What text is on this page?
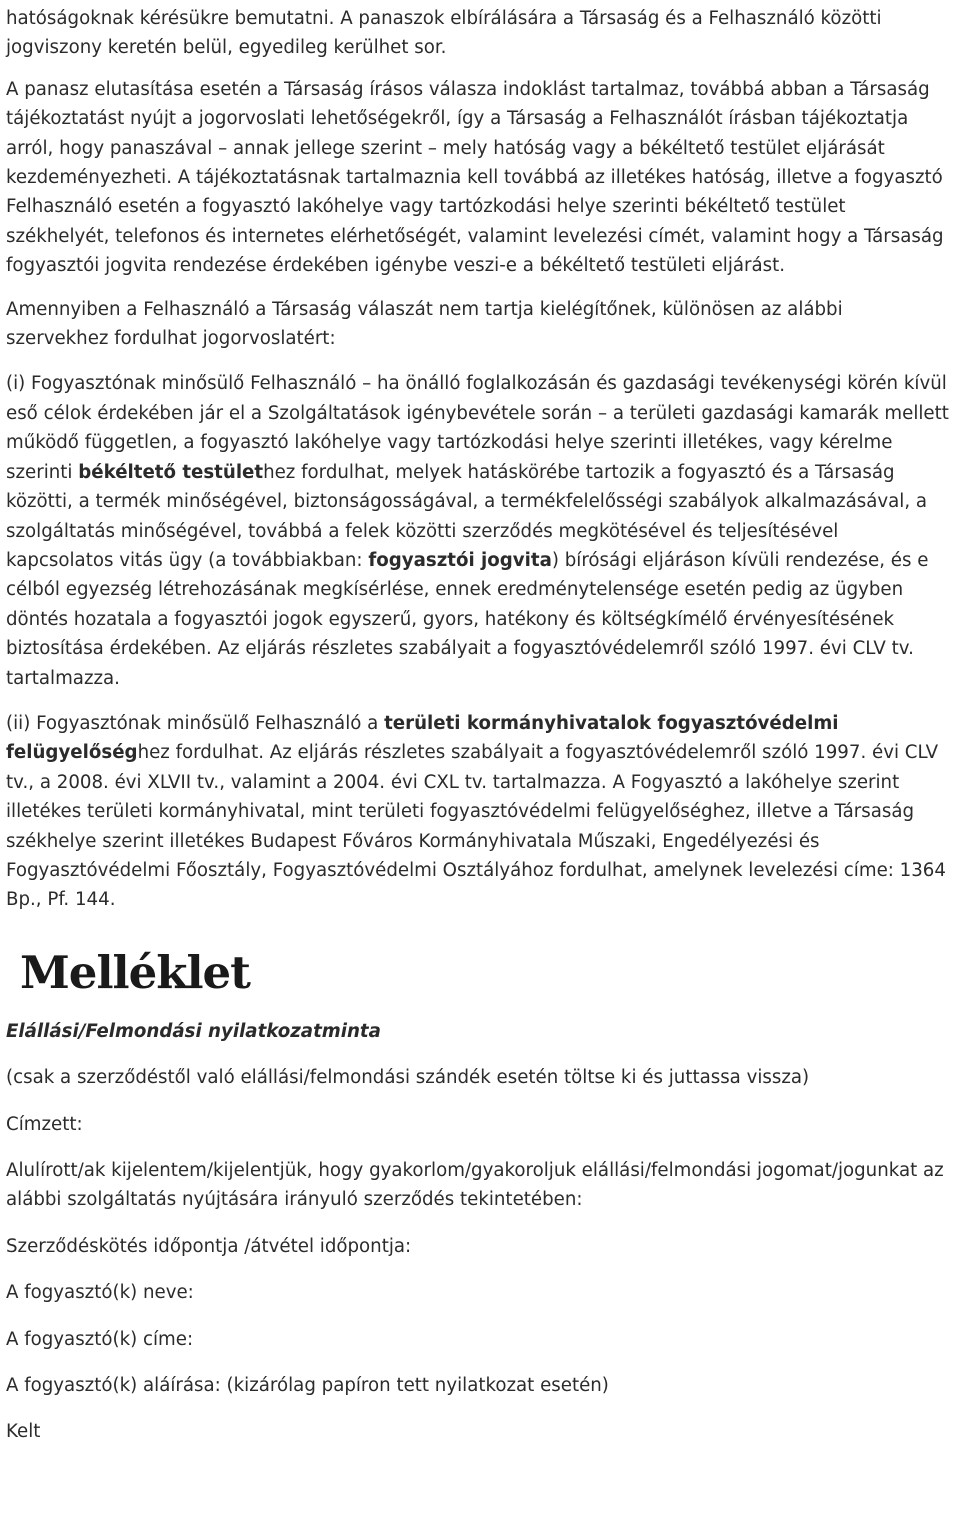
hatóságoknak kérésükre bemutatni. A panaszok elbírálására a Társaság és a Felhasználó közötti jogviszony keretén belül, egyedileg kerülhet sor.

A panasz elutasítása esetén a Társaság írásos válasza indoklást tartalmaz, továbbá abban a Társaság tájékoztatást nyújt a jogorvoslati lehetőségekről, így a Társaság a Felhasználót írásban tájékoztatja arról, hogy panaszával – annak jellege szerint – mely hatóság vagy a békéltető testület eljárását kezdeményezheti. A tájékoztatásnak tartalmaznia kell továbbá az illetékes hatóság, illetve a fogyasztó Felhasználó esetén a fogyasztó lakóhelye vagy tartózkodási helye szerinti békéltető testület székhelyét, telefonos és internetes elérhetőségét, valamint levelezési címét, valamint hogy a Társaság fogyasztói jogvita rendezése érdekében igénybe veszi-e a békéltető testületi eljárást.

Amennyiben a Felhasználó a Társaság válaszát nem tartja kielégítőnek, különösen az alábbi szervekhez fordulhat jogorvoslatért:

(i) Fogyasztónak minősülő Felhasználó – ha önálló foglalkozásán és gazdasági tevékenységi körén kívül eső célok érdekében jár el a Szolgáltatások igénybevétele során – a területi gazdasági kamarák mellett működő független, a fogyasztó lakóhelye vagy tartózkodási helye szerinti illetékes, vagy kérelme szerinti békéltető testülethez fordulhat, melyek hatáskörébe tartozik a fogyasztó és a Társaság közötti, a termék minőségével, biztonságosságával, a termékfelelősségi szabályok alkalmazásával, a szolgáltatás minőségével, továbbá a felek közötti szerződés megkötésével és teljesítésével kapcsolatos vitás ügy (a továbbiakban: fogyasztói jogvita) bírósági eljáráson kívüli rendezése, és e célból egyezség létrehozásának megkísérlése, ennek eredménytelensége esetén pedig az ügyben döntés hozatala a fogyasztói jogok egyszerű, gyors, hatékony és költségkímélő érvényesítésének biztosítása érdekében. Az eljárás részletes szabályait a fogyasztóvédelemről szóló 1997. évi CLV tv. tartalmazza.

(ii) Fogyasztónak minősülő Felhasználó a területi kormányhivatalok fogyasztóvédelmi felügyelőséghez fordulhat. Az eljárás részletes szabályait a fogyasztóvédelemről szóló 1997. évi CLV tv., a 2008. évi XLVII tv., valamint a 2004. évi CXL tv. tartalmazza. A Fogyasztó a lakóhelye szerint illetékes területi kormányhivatal, mint területi fogyasztóvédelmi felügyelőséghez, illetve a Társaság székhelye szerint illetékes Budapest Főváros Kormányhivatala Műszaki, Engedélyezési és Fogyasztóvédelmi Főosztály, Fogyasztóvédelmi Osztályához fordulhat, amelynek levelezési címe: 1364 Bp., Pf. 144.

Melléklet

Elállási/Felmondási nyilatkozatminta

(csak a szerződéstől való elállási/felmondási szándék esetén töltse ki és juttassa vissza)

Címzett:

Alulírott/ak kijelentem/kijelentjük, hogy gyakorlom/gyakoroljuk elállási/felmondási jogomat/jogunkat az alábbi szolgáltatás nyújtására irányuló szerződés tekintetében:

Szerződéskötés időpontja /átvétel időpontja:

A fogyasztó(k) neve:

A fogyasztó(k) címe:

A fogyasztó(k) aláírása: (kizárólag papíron tett nyilatkozat esetén)

Kelt
